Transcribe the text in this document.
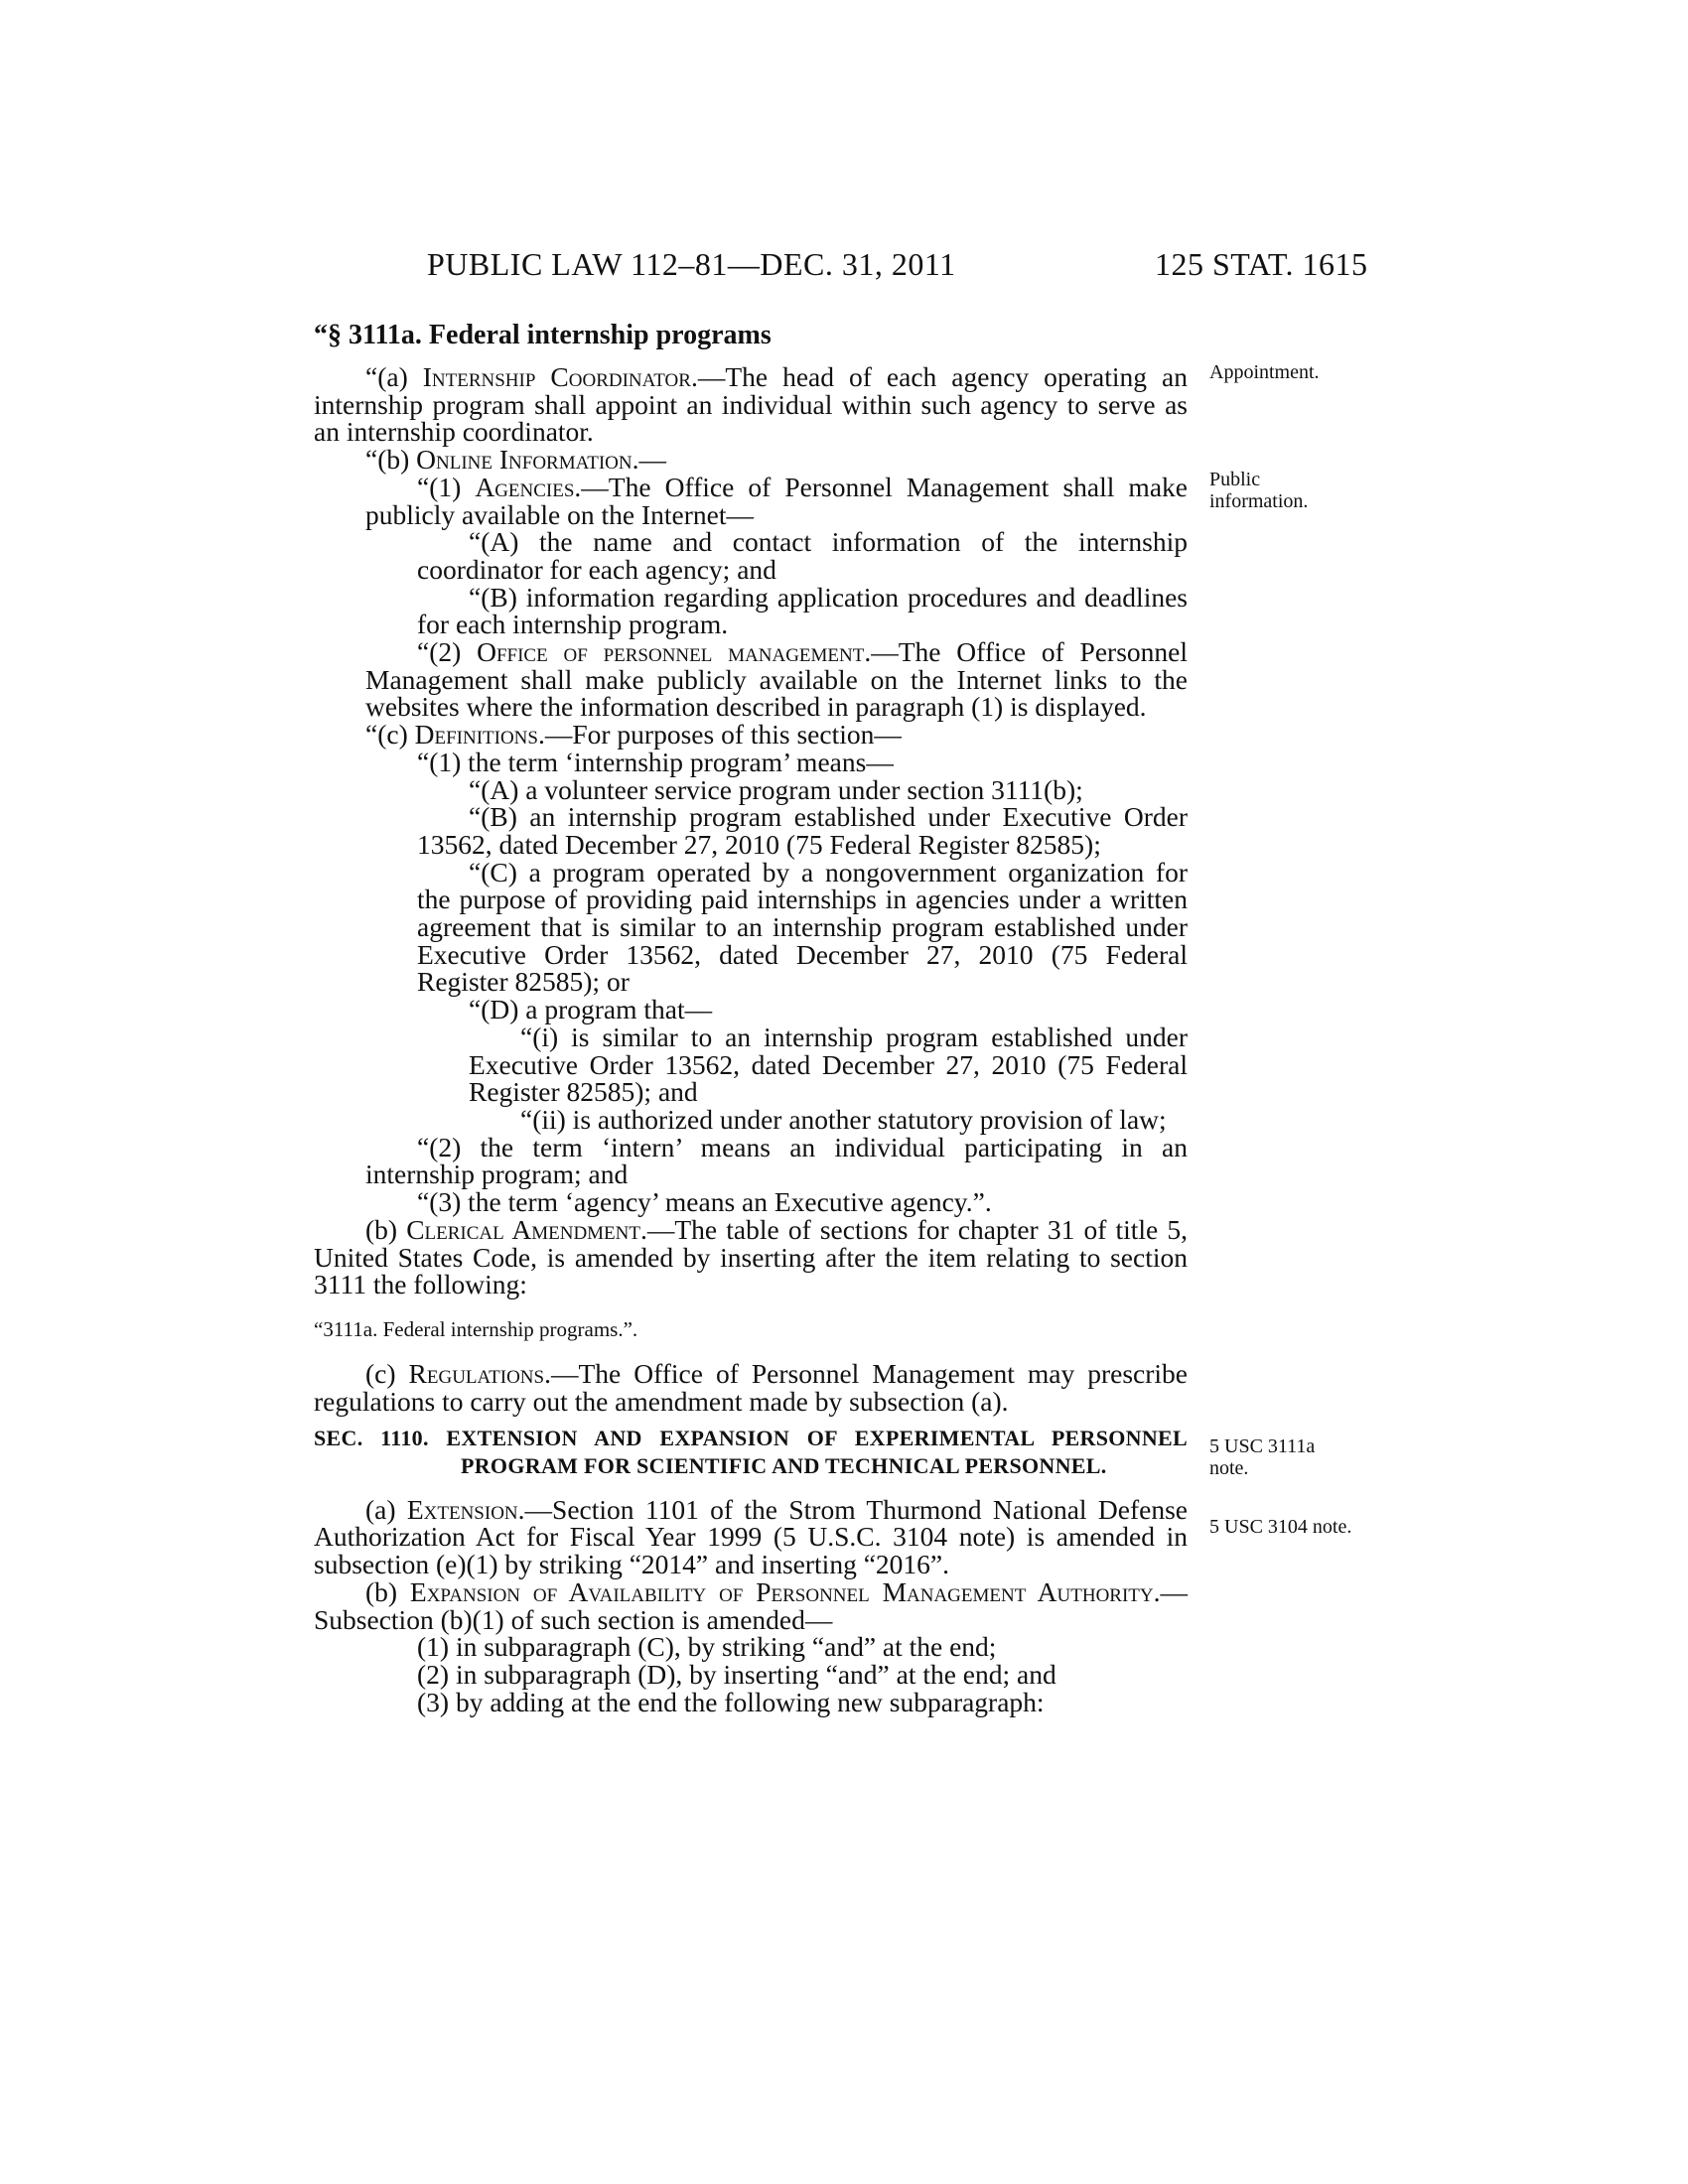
PUBLIC LAW 112–81—DEC. 31, 2011	125 STAT. 1615
Appointment.
Public information.
5 USC 3111a note.
5 USC 3104 note.

“§ 3111a. Federal internship programs

“(a) Internship Coordinator.—The head of each agency operating an internship program shall appoint an individual within such agency to serve as an internship coordinator.

“(b) Online Information.—

“(1) Agencies.—The Office of Personnel Management shall make publicly available on the Internet—

“(A) the name and contact information of the internship coordinator for each agency; and

“(B) information regarding application procedures and deadlines for each internship program.

“(2) Office of personnel management.—The Office of Personnel Management shall make publicly available on the Internet links to the websites where the information described in paragraph (1) is displayed.

“(c) Definitions.—For purposes of this section—

“(1) the term ‘internship program’ means—

“(A) a volunteer service program under section 3111(b);

“(B) an internship program established under Executive Order 13562, dated December 27, 2010 (75 Federal Register 82585);

“(C) a program operated by a nongovernment organization for the purpose of providing paid internships in agencies under a written agreement that is similar to an internship program established under Executive Order 13562, dated December 27, 2010 (75 Federal Register 82585); or

“(D) a program that—

“(i) is similar to an internship program established under Executive Order 13562, dated December 27, 2010 (75 Federal Register 82585); and

“(ii) is authorized under another statutory provision of law;

“(2) the term ‘intern’ means an individual participating in an internship program; and

“(3) the term ‘agency’ means an Executive agency.”.

(b) Clerical Amendment.—The table of sections for chapter 31 of title 5, United States Code, is amended by inserting after the item relating to section 3111 the following:

“3111a. Federal internship programs.”.

(c) Regulations.—The Office of Personnel Management may prescribe regulations to carry out the amendment made by subsection (a).

SEC. 1110. EXTENSION AND EXPANSION OF EXPERIMENTAL PERSONNEL PROGRAM FOR SCIENTIFIC AND TECHNICAL PERSONNEL.

(a) Extension.—Section 1101 of the Strom Thurmond National Defense Authorization Act for Fiscal Year 1999 (5 U.S.C. 3104 note) is amended in subsection (e)(1) by striking “2014” and inserting “2016”.

(b) Expansion of Availability of Personnel Management Authority.—Subsection (b)(1) of such section is amended—

(1) in subparagraph (C), by striking “and” at the end;

(2) in subparagraph (D), by inserting “and” at the end; and

(3) by adding at the end the following new subparagraph:
